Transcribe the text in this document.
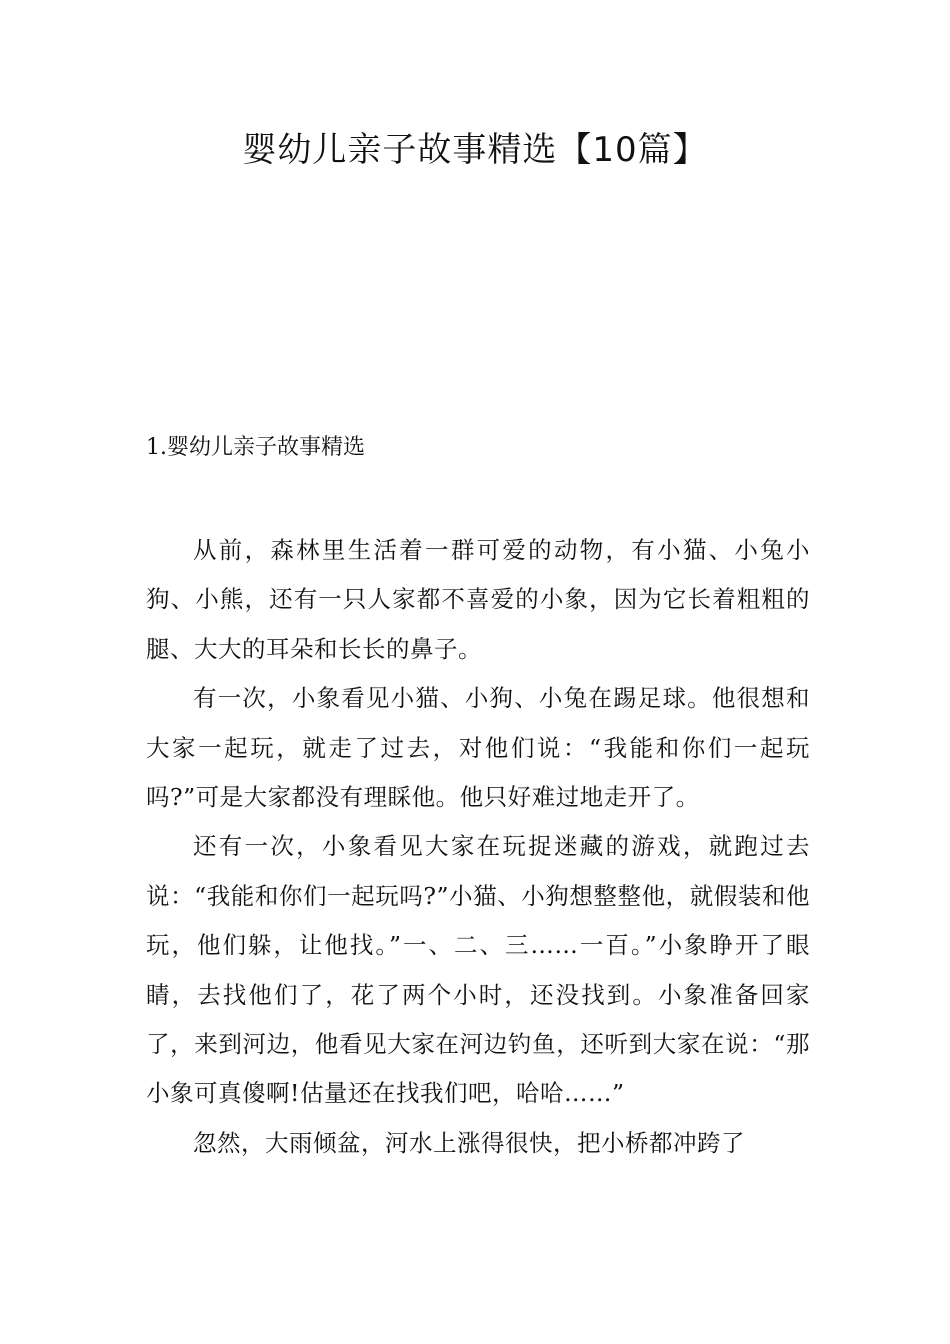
婴幼儿亲子故事精选【10篇】
1.婴幼儿亲子故事精选

从前，森林里生活着一群可爱的动物，有小猫、小兔小狗、小熊，还有一只人家都不喜爱的小象，因为它长着粗粗的腿、大大的耳朵和长长的鼻子。

有一次，小象看见小猫、小狗、小兔在踢足球。他很想和大家一起玩，就走了过去，对他们说：“我能和你们一起玩吗?”可是大家都没有理睬他。他只好难过地走开了。

还有一次，小象看见大家在玩捉迷藏的游戏，就跑过去说：“我能和你们一起玩吗?”小猫、小狗想整整他，就假装和他玩，他们躲，让他找。”一、二、三……一百。”小象睁开了眼睛，去找他们了，花了两个小时，还没找到。小象准备回家了，来到河边，他看见大家在河边钓鱼，还听到大家在说：“那小象可真傻啊!估量还在找我们吧，哈哈……”

忽然，大雨倾盆，河水上涨得很快，把小桥都冲跨了
